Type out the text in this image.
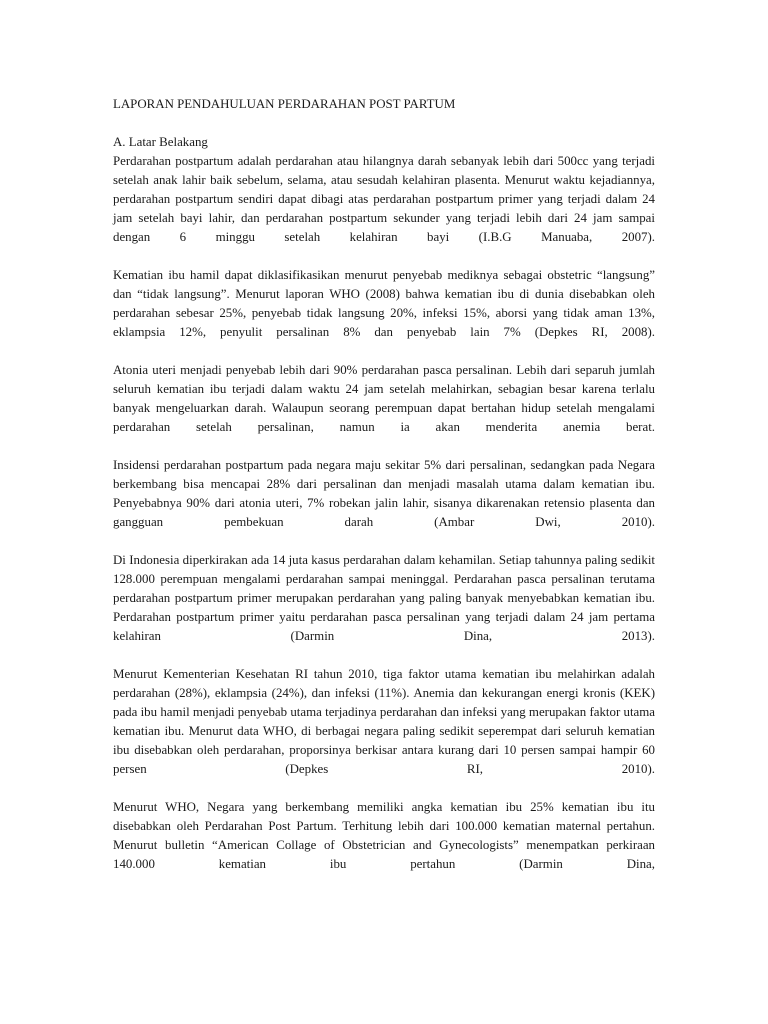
LAPORAN PENDAHULUAN PERDARAHAN POST PARTUM

A. Latar Belakang

Perdarahan postpartum adalah perdarahan atau hilangnya darah sebanyak lebih dari 500cc yang terjadi setelah anak lahir baik sebelum, selama, atau sesudah kelahiran plasenta. Menurut waktu kejadiannya, perdarahan postpartum sendiri dapat dibagi atas perdarahan postpartum primer yang terjadi dalam 24 jam setelah bayi lahir, dan perdarahan postpartum sekunder yang terjadi lebih dari 24 jam sampai dengan 6 minggu setelah kelahiran bayi (I.B.G Manuaba, 2007).

Kematian ibu hamil dapat diklasifikasikan menurut penyebab mediknya sebagai obstetric “langsung” dan “tidak langsung”. Menurut laporan WHO (2008) bahwa kematian ibu di dunia disebabkan oleh perdarahan sebesar 25%, penyebab tidak langsung 20%, infeksi 15%, aborsi yang tidak aman 13%, eklampsia 12%, penyulit persalinan 8% dan penyebab lain 7% (Depkes RI, 2008).

Atonia uteri menjadi penyebab lebih dari 90% perdarahan pasca persalinan. Lebih dari separuh jumlah seluruh kematian ibu terjadi dalam waktu 24 jam setelah melahirkan, sebagian besar karena terlalu banyak mengeluarkan darah. Walaupun seorang perempuan dapat bertahan hidup setelah mengalami perdarahan setelah persalinan, namun ia akan menderita anemia berat.

Insidensi perdarahan postpartum pada negara maju sekitar 5% dari persalinan, sedangkan pada Negara berkembang bisa mencapai 28% dari persalinan dan menjadi masalah utama dalam kematian ibu. Penyebabnya 90% dari atonia uteri, 7% robekan jalin lahir, sisanya dikarenakan retensio plasenta dan gangguan pembekuan darah (Ambar Dwi, 2010).

Di Indonesia diperkirakan ada 14 juta kasus perdarahan dalam kehamilan. Setiap tahunnya paling sedikit 128.000 perempuan mengalami perdarahan sampai meninggal. Perdarahan pasca persalinan terutama perdarahan postpartum primer merupakan perdarahan yang paling banyak menyebabkan kematian ibu. Perdarahan postpartum primer yaitu perdarahan pasca persalinan yang terjadi dalam 24 jam pertama kelahiran (Darmin Dina, 2013).

Menurut Kementerian Kesehatan RI tahun 2010, tiga faktor utama kematian ibu melahirkan adalah perdarahan (28%), eklampsia (24%), dan infeksi (11%). Anemia dan kekurangan energi kronis (KEK) pada ibu hamil menjadi penyebab utama terjadinya perdarahan dan infeksi yang merupakan faktor utama kematian ibu. Menurut data WHO, di berbagai negara paling sedikit seperempat dari seluruh kematian ibu disebabkan oleh perdarahan, proporsinya berkisar antara kurang dari 10 persen sampai hampir 60 persen (Depkes RI, 2010).

Menurut WHO, Negara yang berkembang memiliki angka kematian ibu 25% kematian ibu itu disebabkan oleh Perdarahan Post Partum. Terhitung lebih dari 100.000 kematian maternal pertahun. Menurut bulletin “American Collage of Obstetrician and Gynecologists” menempatkan perkiraan 140.000 kematian ibu pertahun (Darmin Dina,
